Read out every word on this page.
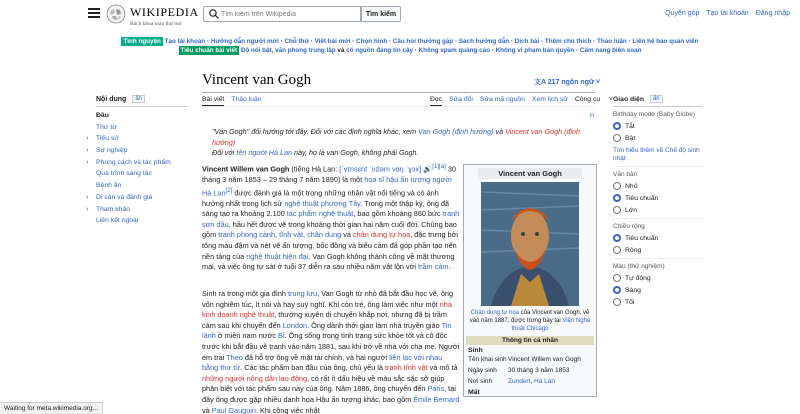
WIKIPEDIA
Bách khoa toàn thư mở
Tìm kiếm trên Wikipedia
Tìm kiếm	Quyên góp Tạo tài khoản Đăng nhập
Tình nguyện Tạo tài khoản · Hướng dẫn người mới · Chỗ thử · Viết bài mới · Chọn hình · Câu hỏi thường gặp · Sách hướng dẫn · Dịch bài · Thêm chú thích · Thảo luận · Liên hệ bảo quản viên
Tiêu chuẩn bài viết Độ nổi bật, văn phong trung lập và có nguồn đáng tin cậy · Không spam quảng cáo · Không vi phạm bản quyền · Cẩm nang biên soạn
Vincent van Gogh	文A 217 ngôn ngữ ˅
Bài viết Thảo luận	Đọc Sửa đổi Sửa mã nguồn Xem lịch sử Công cụ ˅
Fr
Nội dung	ẩn
Đầu
Thư từ
› Tiểu sử
› Sự nghiệp
› Phong cách và tác phẩm
Quá trình sáng tác
Bệnh ẩn
› Di sản và đánh giá
› Tham khảo
Liên kết ngoài
"Van Gogh" đổi hướng tới đây. Đối với các định nghĩa khác, xem Van Gogh (định hướng) và Vincent van Gogh (định hướng)
Đối với tên người Hà Lan này, họ là van Gogh, không phải Gogh.

Vincent Willem van Gogh (tiếng Hà Lan: [ˈvɪnsɛnt ˈʋɪləm vɑŋ ˈɣɔx] 🔊[1][a] 30 tháng 3 năm 1853 – 29 tháng 7 năm 1890) là một họa sĩ hậu ấn tượng người Hà Lan[2] được đánh giá là một trong những nhân vật nổi tiếng và có ảnh hưởng nhất trong lịch sử nghệ thuật phương Tây. Trong một thập kỷ, ông đã sáng tạo ra khoảng 2.100 tác phẩm nghệ thuật, bao gồm khoảng 860 bức tranh sơn dầu, hầu hết được vẽ trong khoảng thời gian hai năm cuối đời. Chúng bao gồm tranh phong cảnh, tĩnh vật, chân dung và chân dung tự họa, đặc trưng bởi tông màu đậm và nét vẽ ấn tượng, bốc đồng và biểu cảm đã góp phần tạo nên nền tảng của nghệ thuật hiện đại. Van Gogh không thành công về mặt thương mại, và việc ông tự sát ở tuổi 37 diễn ra sau nhiều năm vật lộn với trầm cảm.

Sinh ra trong một gia đình trung lưu, Van Gogh từ nhỏ đã bắt đầu học vẽ, ông vốn nghiêm túc, ít nói và hay suy nghĩ. Khi còn trẻ, ông làm việc như một nhà kinh doanh nghệ thuật, thường xuyên di chuyển khắp nơi, nhưng đã bị trầm cảm sau khi chuyển đến London. Ông dành thời gian làm nhà truyền giáo Tin lành ở miền nam nước Bỉ. Ông sống trong tình trạng sức khỏe tốt và cô độc trước khi bắt đầu vẽ tranh vào năm 1881, sau khi trở về nhà với cha mẹ. Người em trai Theo đã hỗ trợ ông về mặt tài chính, và hai người liên lạc với nhau bằng thư từ. Các tác phẩm ban đầu của ông, chủ yếu là tranh tĩnh vật và mô tả những người nông dân lao động, có rất ít dấu hiệu về màu sắc sặc sỡ giúp phân biệt với tác phẩm sau này của ông. Năm 1886, ông chuyển đến Paris, tại đây ông được gặp nhiều danh họa Hậu ấn tượng khác, bao gồm Émile Bernard và Paul Gauguin. Khi công việc nhật

Vincent van Gogh
Chân dung tự họa của Vincent van Gogh, vẽ vào năm 1887, được trưng bày tại Viện Nghệ thuật Chicago
Thông tin cá nhân
Sinh
Tên khai sinh Vincent Willem van Gogh
Ngày sinh	30 tháng 3 năm 1853
Nơi sinh	Zundert, Hà Lan
Mất
Giao diện	ẩn
Birthday mode (Baby Globe)
Tắt
Bật
Tìm hiểu thêm về Chế độ sinh nhật
Văn bản
Nhỏ
Tiêu chuẩn
Lớn
Chiều rộng
Tiêu chuẩn
Rộng
Màu (thử nghiệm)
Tự động
Sáng
Tối
Waiting for meta.wikimedia.org...
